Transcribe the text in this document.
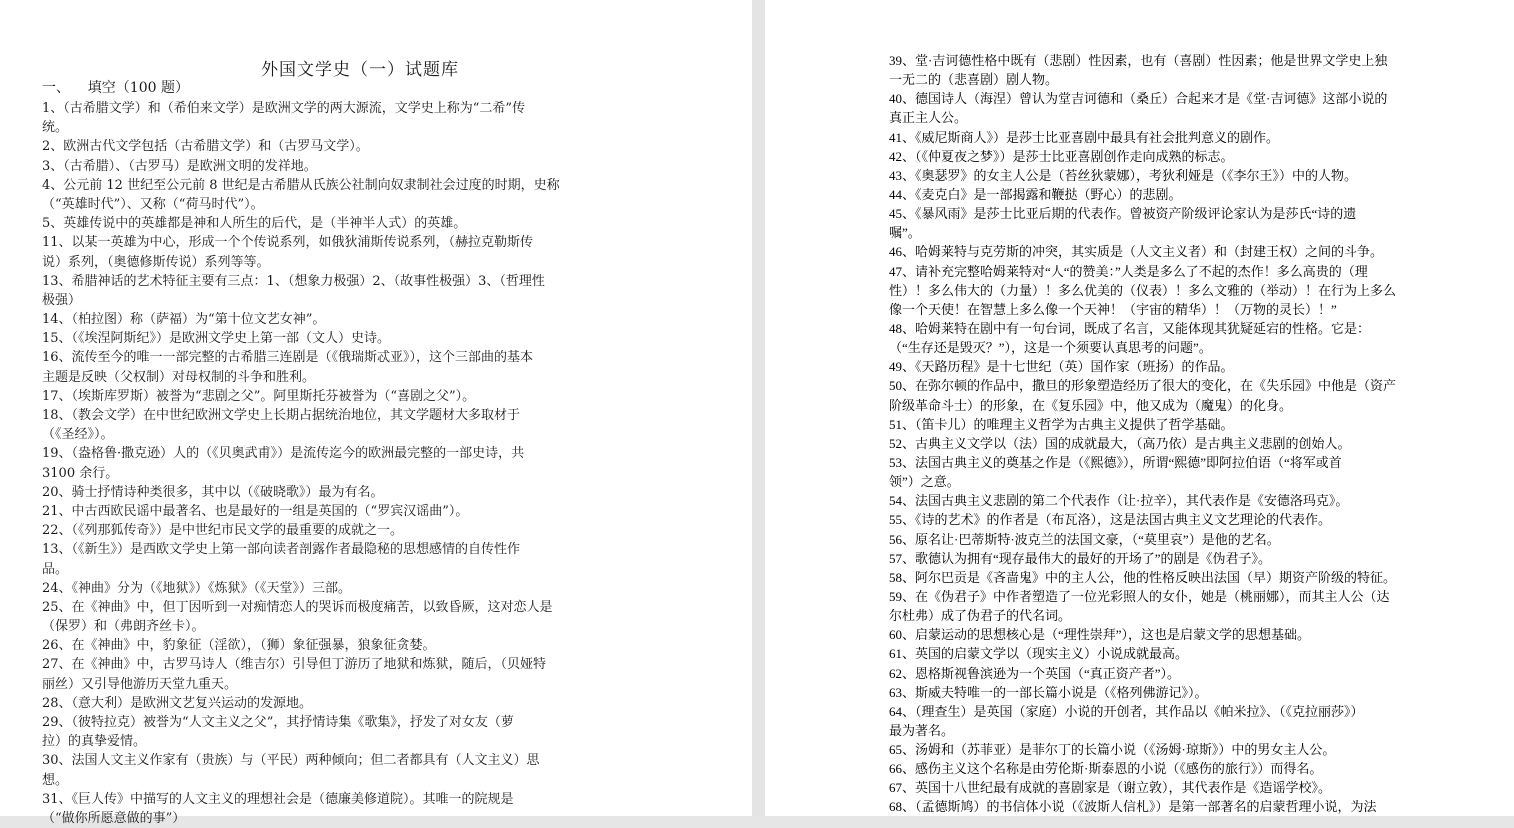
外国文学史（一）试题库
一、    填空（100 题）
1、（古希腊文学）和（希伯来文学）是欧洲文学的两大源流，文学史上称为“二希”传
统。
2、欧洲古代文学包括（古希腊文学）和（古罗马文学）。
3、（古希腊）、（古罗马）是欧洲文明的发祥地。
4、公元前 12 世纪至公元前 8 世纪是古希腊从氏族公社制向奴隶制社会过度的时期，史称
（“英雄时代”）、又称（“荷马时代”）。
5、英雄传说中的英雄都是神和人所生的后代，是（半神半人式）的英雄。
11、以某一英雄为中心，形成一个个传说系列，如俄狄浦斯传说系列，（赫拉克勒斯传
说）系列，（奥德修斯传说）系列等等。
13、希腊神话的艺术特征主要有三点：1、（想象力极强）2、（故事性极强）3、（哲理性
极强）
14、（柏拉图）称（萨福）为“第十位文艺女神”。
15、（《埃涅阿斯纪》）是欧洲文学史上第一部（文人）史诗。
16、流传至今的唯一一部完整的古希腊三连剧是（《俄瑞斯忒亚》），这个三部曲的基本
主题是反映（父权制）对母权制的斗争和胜利。
17、（埃斯库罗斯）被誉为“悲剧之父”。阿里斯托芬被誉为（“喜剧之父”）。
18、（教会文学）在中世纪欧洲文学史上长期占据统治地位，其文学题材大多取材于
（《圣经》）。
19、（盎格鲁·撒克逊）人的（《贝奥武甫》）是流传迄今的欧洲最完整的一部史诗，共
3100 余行。
20、骑士抒情诗种类很多，其中以（《破晓歌》）最为有名。
21、中古西欧民谣中最著名、也是最好的一组是英国的（“罗宾汉谣曲”）。
22、（《列那狐传奇》）是中世纪市民文学的最重要的成就之一。
13、（《新生》）是西欧文学史上第一部向读者剖露作者最隐秘的思想感情的自传性作
品。
24、《神曲》分为（《地狱》）《炼狱》（《天堂》）三部。
25、在《神曲》中，但丁因听到一对痴情恋人的哭诉而极度痛苦，以致昏厥，这对恋人是
（保罗）和（弗朗齐丝卡）。
26、在《神曲》中，豹象征（淫欲），（狮）象征强暴，狼象征贪婪。
27、在《神曲》中，古罗马诗人（维吉尔）引导但丁游历了地狱和炼狱，随后，（贝娅特
丽丝）又引导他游历天堂九重天。
28、（意大利）是欧洲文艺复兴运动的发源地。
29、（彼特拉克）被誉为“人文主义之父”，其抒情诗集《歌集》，抒发了对女友（萝
拉）的真挚爱情。
30、法国人文主义作家有（贵族）与（平民）两种倾向；但二者都具有（人文主义）思
想。
31、《巨人传》中描写的人文主义的理想社会是（德廉美修道院）。其唯一的院规是
（“做你所愿意做的事”）
39、堂·吉诃德性格中既有（悲剧）性因素，也有（喜剧）性因素；他是世界文学史上独
一无二的（悲喜剧）剧人物。
40、德国诗人（海涅）曾认为堂吉诃德和（桑丘）合起来才是《堂·吉诃德》这部小说的
真正主人公。
41、《威尼斯商人》）是莎士比亚喜剧中最具有社会批判意义的剧作。
42、（《仲夏夜之梦》）是莎士比亚喜剧创作走向成熟的标志。
43、《奥瑟罗》的女主人公是（苔丝狄蒙娜），考狄利娅是（《李尔王》）中的人物。
44、《麦克白》是一部揭露和鞭挞（野心）的悲剧。
45、《暴风雨》是莎士比亚后期的代表作。曾被资产阶级评论家认为是莎氏“诗的遗
嘱”。
46、哈姆莱特与克劳斯的冲突，其实质是（人文主义者）和（封建王权）之间的斗争。
47、请补充完整哈姆莱特对“人“的赞美：”人类是多么了不起的杰作！多么高贵的（理
性）！多么伟大的（力量）！多么优美的（仪表）！多么文雅的（举动）！在行为上多么
像一个天使！在智慧上多么像一个天神！（宇宙的精华）！（万物的灵长）！”
48、哈姆莱特在剧中有一句台词，既成了名言，又能体现其犹疑延宕的性格。它是：
（“生存还是毁灭？”），这是一个须要认真思考的问题”。
49、《天路历程》是十七世纪（英）国作家（班扬）的作品。
50、在弥尔顿的作品中，撒旦的形象塑造经历了很大的变化，在《失乐园》中他是（资产
阶级革命斗士）的形象，在《复乐园》中，他又成为（魔鬼）的化身。
51、（笛卡儿）的唯理主义哲学为古典主义提供了哲学基础。
52、古典主义文学以（法）国的成就最大，（高乃依）是古典主义悲剧的创始人。
53、法国古典主义的奠基之作是（《熙德》），所谓“熙德”即阿拉伯语（“将军或首
领”）之意。
54、法国古典主义悲剧的第二个代表作（让·拉辛），其代表作是《安德洛玛克》。
55、《诗的艺术》的作者是（布瓦洛），这是法国古典主义文艺理论的代表作。
56、原名让·巴蒂斯特·波克兰的法国文豪，（“莫里哀”）是他的艺名。
57、歌德认为拥有“现存最伟大的最好的开场了”的剧是《伪君子》。
58、阿尔巴贡是《吝啬鬼》中的主人公，他的性格反映出法国（早）期资产阶级的特征。
59、在《伪君子》中作者塑造了一位光彩照人的女仆，她是（桃丽娜），而其主人公（达
尔杜弗）成了伪君子的代名词。
60、启蒙运动的思想核心是（“理性崇拜”），这也是启蒙文学的思想基础。
61、英国的启蒙文学以（现实主义）小说成就最高。
62、恩格斯视鲁滨逊为一个英国（“真正资产者”）。
63、斯威夫特唯一的一部长篇小说是（《格列佛游记》）。
64、（理查生）是英国（家庭）小说的开创者，其作品以《帕米拉》、（《克拉丽莎》）
最为著名。
65、汤姆和（苏菲亚）是菲尔丁的长篇小说（《汤姆·琼斯》）中的男女主人公。
66、感伤主义这个名称是由劳伦斯·斯泰恩的小说（《感伤的旅行》）而得名。
67、英国十八世纪最有成就的喜剧家是（谢立敦），其代表作是《造谣学校》。
68、（孟德斯鸠）的书信体小说（《波斯人信札》）是第一部著名的启蒙哲理小说，为法
